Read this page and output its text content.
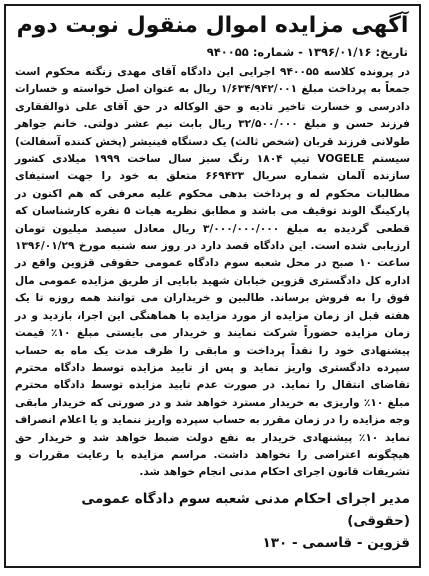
آگهی مزایده اموال منقول نوبت دوم
تاریخ: ۱۳۹۶/۰۱/۱۶ - شماره: ۹۴۰۰۵۵

در پرونده کلاسه ۹۴۰۰۵۵ اجرایی این دادگاه آقای مهدی زنگنه محکوم است جمعاً به پرداخت مبلغ ۱/۶۳۴/۹۴۲/۰۰۱ ریال به عنوان اصل خواسته و خسارات دادرسی و خسارت تاخیر تادیه و حق الوکاله در حق آقای علی ذوالفقاری فرزند حسن و مبلغ ۳۲/۵۰۰/۰۰۰ ریال بابت نیم عشر دولتی. خانم جواهر طولانی فرزند قربان (شخص ثالث) یک دستگاه فینیشر (پخش کننده آسفالت) سیستم VOGELE تیپ ۱۸۰۴ رنگ سبز سال ساخت ۱۹۹۹ میلادی کشور سازنده آلمان شماره سریال ۶۶۹۴۲۳ متعلق به خود را جهت استیفای مطالبات محکوم له و پرداخت بدهی محکوم علیه معرفی که هم اکنون در پارکینگ الوند توقیف می باشد و مطابق نظریه هیات ۵ نفره کارشناسان که قطعی گردیده به مبلغ ۳/۰۰۰/۰۰۰/۰۰۰ ریال معادل سیصد میلیون تومان ارزیابی شده است. این دادگاه قصد دارد در روز سه شنبه مورخ ۱۳۹۶/۰۱/۲۹ ساعت ۱۰ صبح در محل شعبه سوم دادگاه عمومی حقوقی قزوین واقع در اداره کل دادگستری قزوین خیابان شهید بابایی از طریق مزایده عمومی مال فوق را به فروش برساند. طالبین و خریداران می توانند همه روزه تا یک هفته قبل از زمان مزایده از مورد مزایده با هماهنگی این اجرا، بازدید و در زمان مزایده حضوراً شرکت نمایند و خریدار می بایستی مبلغ ۱۰٪ قیمت پیشنهادی خود را نقداً پرداخت و مابقی را ظرف مدت یک ماه به حساب سپرده دادگستری واریز نماید و پس از تایید مزایده توسط دادگاه محترم تقاضای انتقال را نماید. در صورت عدم تایید مزایده توسط دادگاه محترم مبلغ ۱۰٪ واریزی به خریدار مسترد خواهد شد و در صورتی که خریدار مابقی وجه مزایده را در زمان مقرر به حساب سپرده واریز ننماید و یا اعلام انصراف نماید ۱۰٪ پیشنهادی خریدار به نفع دولت ضبط خواهد شد و خریدار حق هیچگونه اعتراضی را نخواهد داشت. مراسم مزایده با رعایت مقررات و تشریفات قانون اجرای احکام مدنی انجام خواهد شد.

مدیر اجرای احکام مدنی شعبه سوم دادگاه عمومی (حقوقی)
قزوین - قاسمی - ۱۳۰
